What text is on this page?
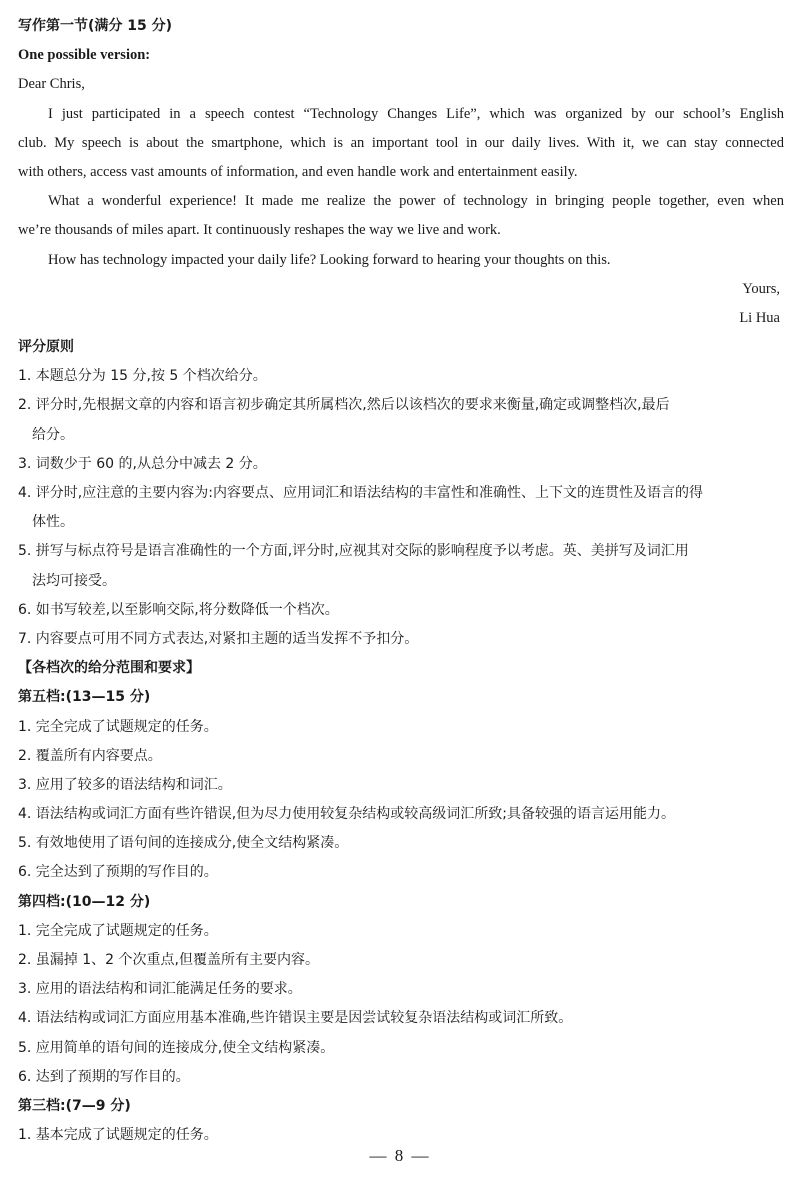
写作第一节(满分 15 分)
One possible version:
Dear Chris,
I just participated in a speech contest “Technology Changes Life”, which was organized by our school’s English
club. My speech is about the smartphone, which is an important tool in our daily lives. With it, we can stay connected
with others, access vast amounts of information, and even handle work and entertainment easily.
What a wonderful experience! It made me realize the power of technology in bringing people together, even when
we’re thousands of miles apart. It continuously reshapes the way we live and work.
How has technology impacted your daily life? Looking forward to hearing your thoughts on this.
Yours,
Li Hua
评分原则
1. 本题总分为 15 分,按 5 个档次给分。
2. 评分时,先根据文章的内容和语言初步确定其所属档次,然后以该档次的要求来衡量,确定或调整档次,最后
给分。
3. 词数少于 60 的,从总分中减去 2 分。
4. 评分时,应注意的主要内容为:内容要点、应用词汇和语法结构的丰富性和准确性、上下文的连贯性及语言的得
体性。
5. 拼写与标点符号是语言准确性的一个方面,评分时,应视其对交际的影响程度予以考虑。英、美拼写及词汇用
法均可接受。
6. 如书写较差,以至影响交际,将分数降低一个档次。
7. 内容要点可用不同方式表达,对紧扣主题的适当发挥不予扣分。
【各档次的给分范围和要求】
第五档:(13—15 分)
1. 完全完成了试题规定的任务。
2. 覆盖所有内容要点。
3. 应用了较多的语法结构和词汇。
4. 语法结构或词汇方面有些许错误,但为尽力使用较复杂结构或较高级词汇所致;具备较强的语言运用能力。
5. 有效地使用了语句间的连接成分,使全文结构紧凑。
6. 完全达到了预期的写作目的。
第四档:(10—12 分)
1. 完全完成了试题规定的任务。
2. 虽漏掉 1、2 个次重点,但覆盖所有主要内容。
3. 应用的语法结构和词汇能满足任务的要求。
4. 语法结构或词汇方面应用基本准确,些许错误主要是因尝试较复杂语法结构或词汇所致。
5. 应用简单的语句间的连接成分,使全文结构紧凑。
6. 达到了预期的写作目的。
第三档:(7—9 分)
1. 基本完成了试题规定的任务。
— 8 —
